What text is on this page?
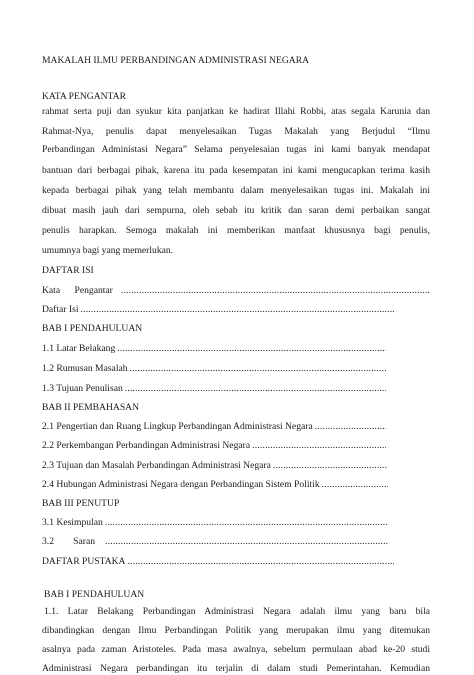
MAKALAH ILMU PERBANDINGAN ADMINISTRASI NEGARA
KATA PENGANTAR
rahmat serta puji dan syukur kita panjatkan ke hadirat Illahi Robbi, atas segala Karunia dan
Rahmat-Nya, penulis dapat menyelesaikan Tugas Makalah yang Berjudul “Ilmu
Perbandingan Administasi Negara” Selama penyelesaian tugas ini kami banyak mendapat
bantuan dari berbagai pihak, karena itu pada kesempatan ini kami mengucapkan terima kasih
kepada berbagai pihak yang telah membantu dalam menyelesaikan tugas ini. Makalah ini
dibuat masih jauh dari sempurna, oleh sebab itu kritik dan saran demi perbaikan sangat
penulis harapkan. Semoga makalah ini memberikan manfaat khususnya bagi penulis,
umumnya bagi yang memerlukan.
DAFTAR ISI
Kata      Pengantar
.....
Daftar Isi
.....
BAB I PENDAHULUAN
1.1 Latar Belakang
.....
1.2 Rumusan Masalah
.....
1.3 Tujuan Penulisan
.....
BAB II PEMBAHASAN
2.1 Pengertian dan Ruang Lingkup Perbandingan Administrasi Negara
.....
2.2 Perkembangan Perbandingan Administrasi Negara
.....
2.3 Tujuan dan Masalah Perbandingan Administrasi Negara
.....
2.4 Hubungan Administrasi Negara dengan Perbandingan Sistem Politik
.....
BAB III PENUTUP
3.1 Kesimpulan
.....
3.2        Saran
.....
DAFTAR PUSTAKA
.....
BAB I PENDAHULUAN
1.1. Latar Belakang Perbandingan Administrasi Negara adalah ilmu yang baru bila
dibandingkan dengan Ilmu Perbandingan Politik yang merupakan ilmu yang ditemukan
asalnya pada zaman Aristoteles. Pada masa awalnya, sebelum permulaan abad ke-20 studi
Administrasi Negara perbandingan itu terjalin di dalam studi Pemerintahan. Kemudian
